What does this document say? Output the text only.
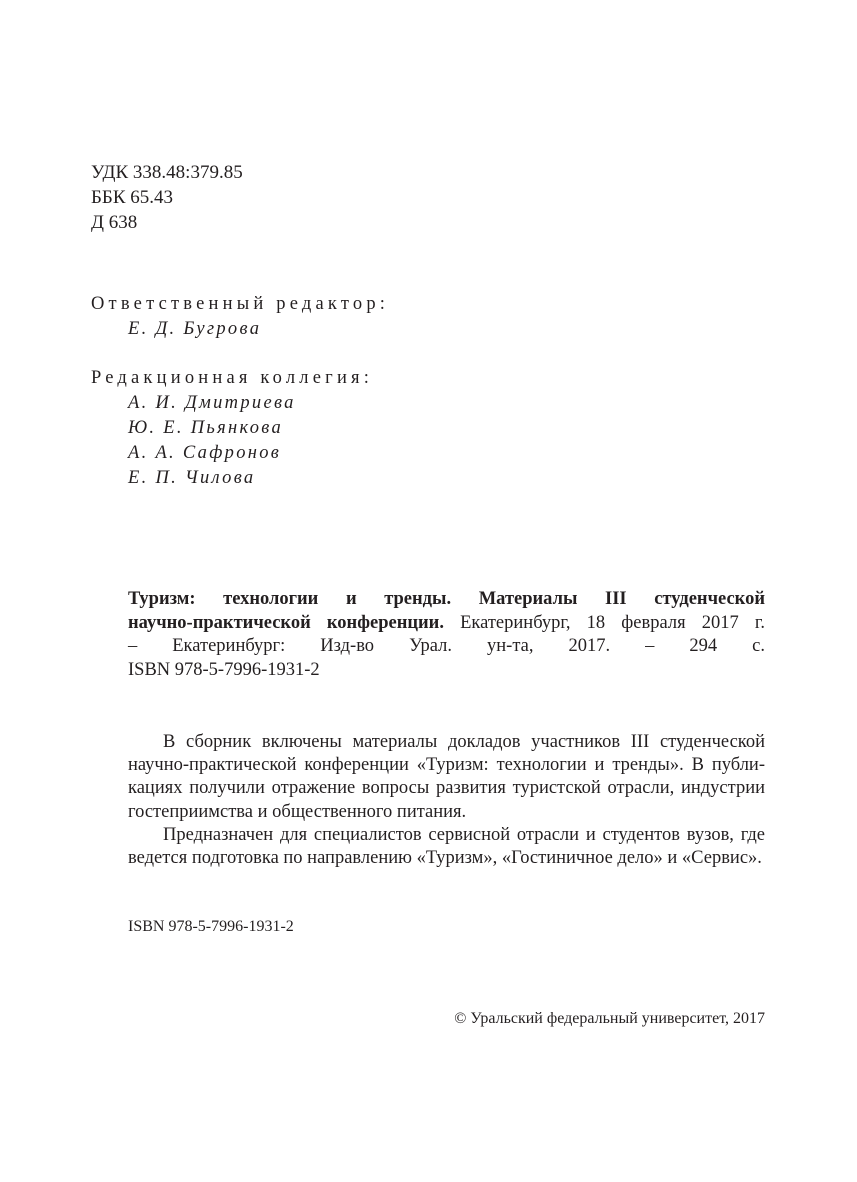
УДК 338.48:379.85
ББК 65.43
Д 638
Ответственный редактор:
Е. Д. Бугрова
Редакционная коллегия:
А. И. Дмитриева
Ю. Е. Пьянкова
А. А. Сафронов
Е. П. Чилова
Туризм: технологии и тренды. Материалы III студенческой
научно-практической конференции. Екатеринбург, 18 февраля 2017 г.
– Екатеринбург: Изд-во Урал. ун-та, 2017. – 294 с.
ISBN 978-5-7996-1931-2
В сборник включены материалы докладов участников III студенческой
научно-практической конференции «Туризм: технологии и тренды». В публи-
кациях получили отражение вопросы развития туристской отрасли, индустрии
гостеприимства и общественного питания.
Предназначен для специалистов сервисной отрасли и студентов вузов, где
ведется подготовка по направлению «Туризм», «Гостиничное дело» и «Сервис».
ISBN 978-5-7996-1931-2
© Уральский федеральный университет, 2017
